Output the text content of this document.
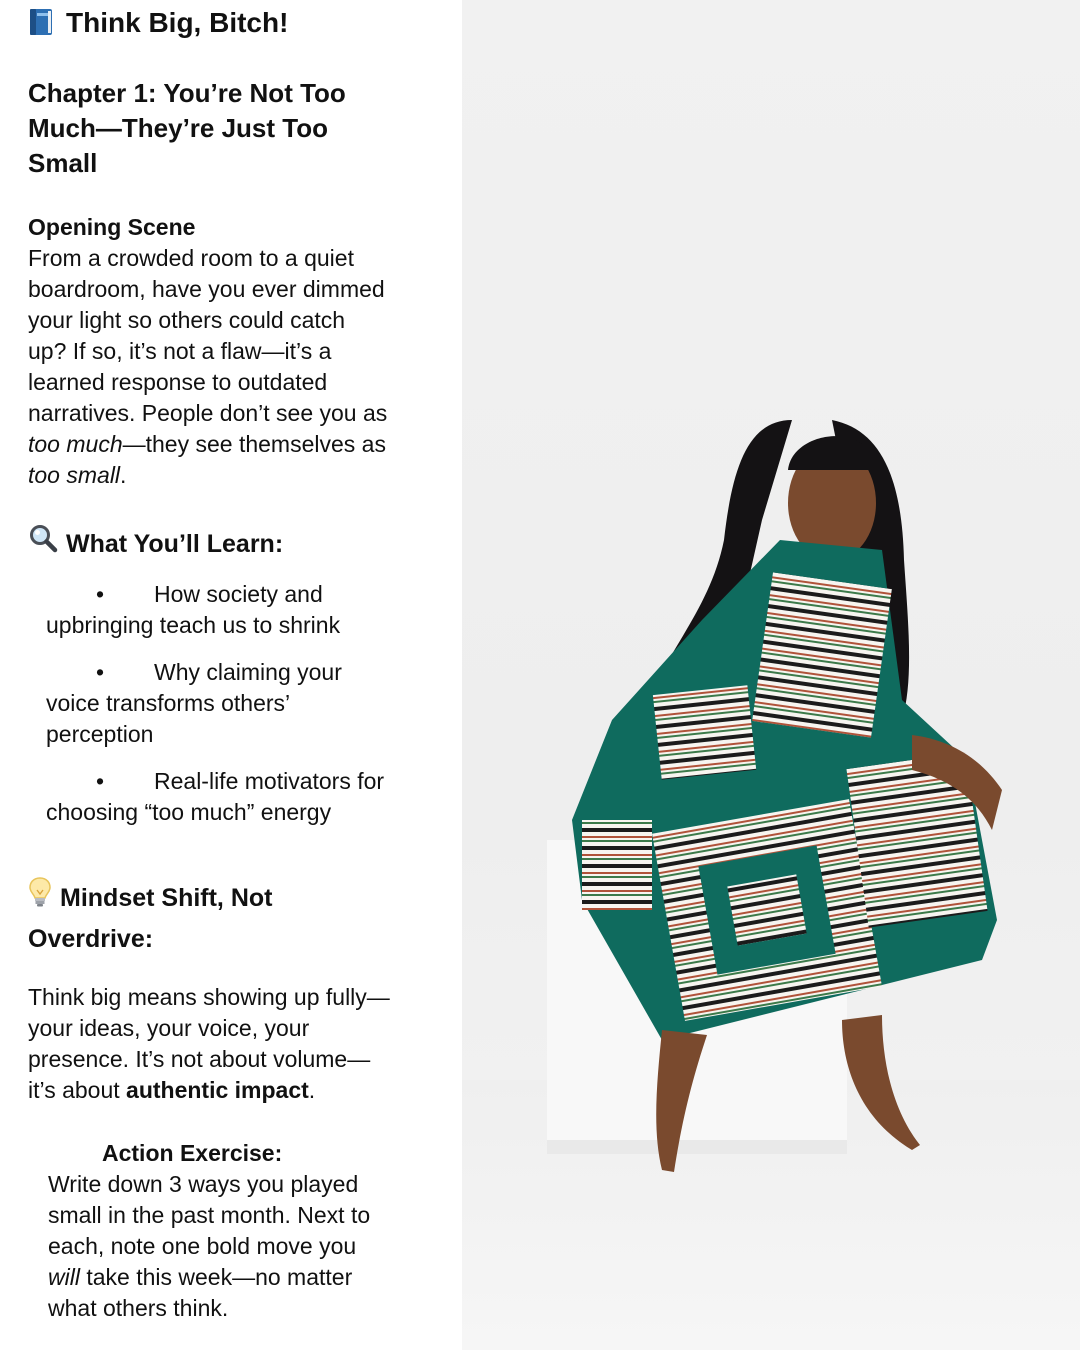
Think Big, Bitch!
Chapter 1: You’re Not Too
Much—They’re Just Too
Small
Opening Scene
From a crowded room to a quiet
boardroom, have you ever dimmed
your light so others could catch
up? If so, it’s not a flaw—it’s a
learned response to outdated
narratives. People don’t see you as
too much—they see themselves as
too small.
What You’ll Learn:
• How society and
upbringing teach us to shrink
• Why claiming your
voice transforms others’
perception
• Real-life motivators for
choosing “too much” energy
Mindset Shift, Not
Overdrive:
Think big means showing up fully—
your ideas, your voice, your
presence. It’s not about volume—
it’s about authentic impact.
Action Exercise:
Write down 3 ways you played
small in the past month. Next to
each, note one bold move you
will take this week—no matter
what others think.
